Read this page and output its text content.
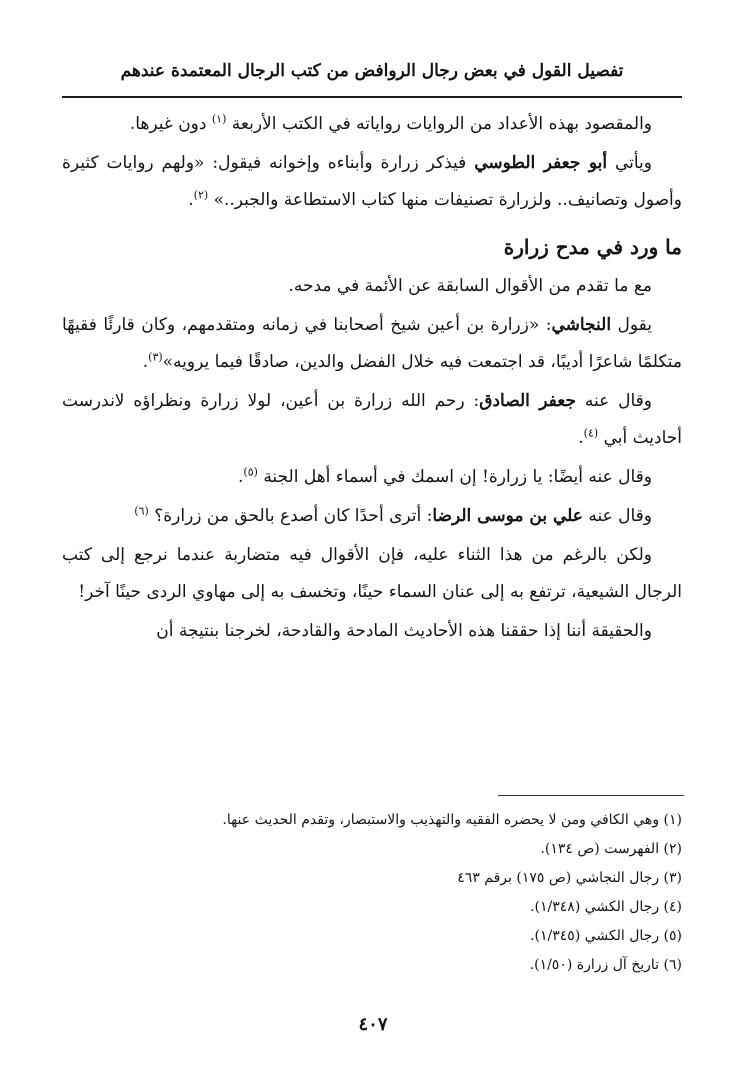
تفصيل القول في بعض رجال الروافض من كتب الرجال المعتمدة عندهم

والمقصود بهذه الأعداد من الروايات رواياته في الكتب الأربعة $^{(١)}$ دون غيرها.

ويأتي أبو جعفر الطوسي فيذكر زرارة وأبناءه وإخوانه فيقول: «ولهم روايات كثيرة وأصول وتصانيف.. ولزرارة تصنيفات منها كتاب الاستطاعة والجبر..» $^{(٢)}$.

ما ورد في مدح زرارة

مع ما تقدم من الأقوال السابقة عن الأئمة في مدحه.

يقول النجاشي: «زرارة بن أعين شيخ أصحابنا في زمانه ومتقدمهم، وكان قارئًا فقيهًا متكلمًا شاعرًا أديبًا، قد اجتمعت فيه خلال الفضل والدين، صادقًا فيما يرويه»$^{(٣)}$.

وقال عنه جعفر الصادق: رحم الله زرارة بن أعين، لولا زرارة ونظراؤه لاندرست أحاديث أبي $^{(٤)}$.

وقال عنه أيضًا: يا زرارة! إن اسمك في أسماء أهل الجنة $^{(٥)}$.

وقال عنه علي بن موسى الرضا: أترى أحدًا كان أصدع بالحق من زرارة؟ $^{(٦)}$

ولكن بالرغم من هذا الثناء عليه، فإن الأقوال فيه متضاربة عندما نرجع إلى كتب الرجال الشيعية، ترتفع به إلى عنان السماء حينًا، وتخسف به إلى مهاوي الردى حينًا آخر!

والحقيقة أننا إذا حققنا هذه الأحاديث المادحة والقادحة، لخرجنا بنتيجة أن

(١) وهي الكافي ومن لا يحضره الفقيه والتهذيب والاستبصار، وتقدم الحديث عنها.
(٢) الفهرست (ص ١٣٤).
(٣) رجال النجاشي (ص ١٧٥) برقم ٤٦٣
(٤) رجال الكشي (١/٣٤٨).
(٥) رجال الكشي (١/٣٤٥).
(٦) تاريخ آل زرارة (١/٥٠).
٤٠٧
